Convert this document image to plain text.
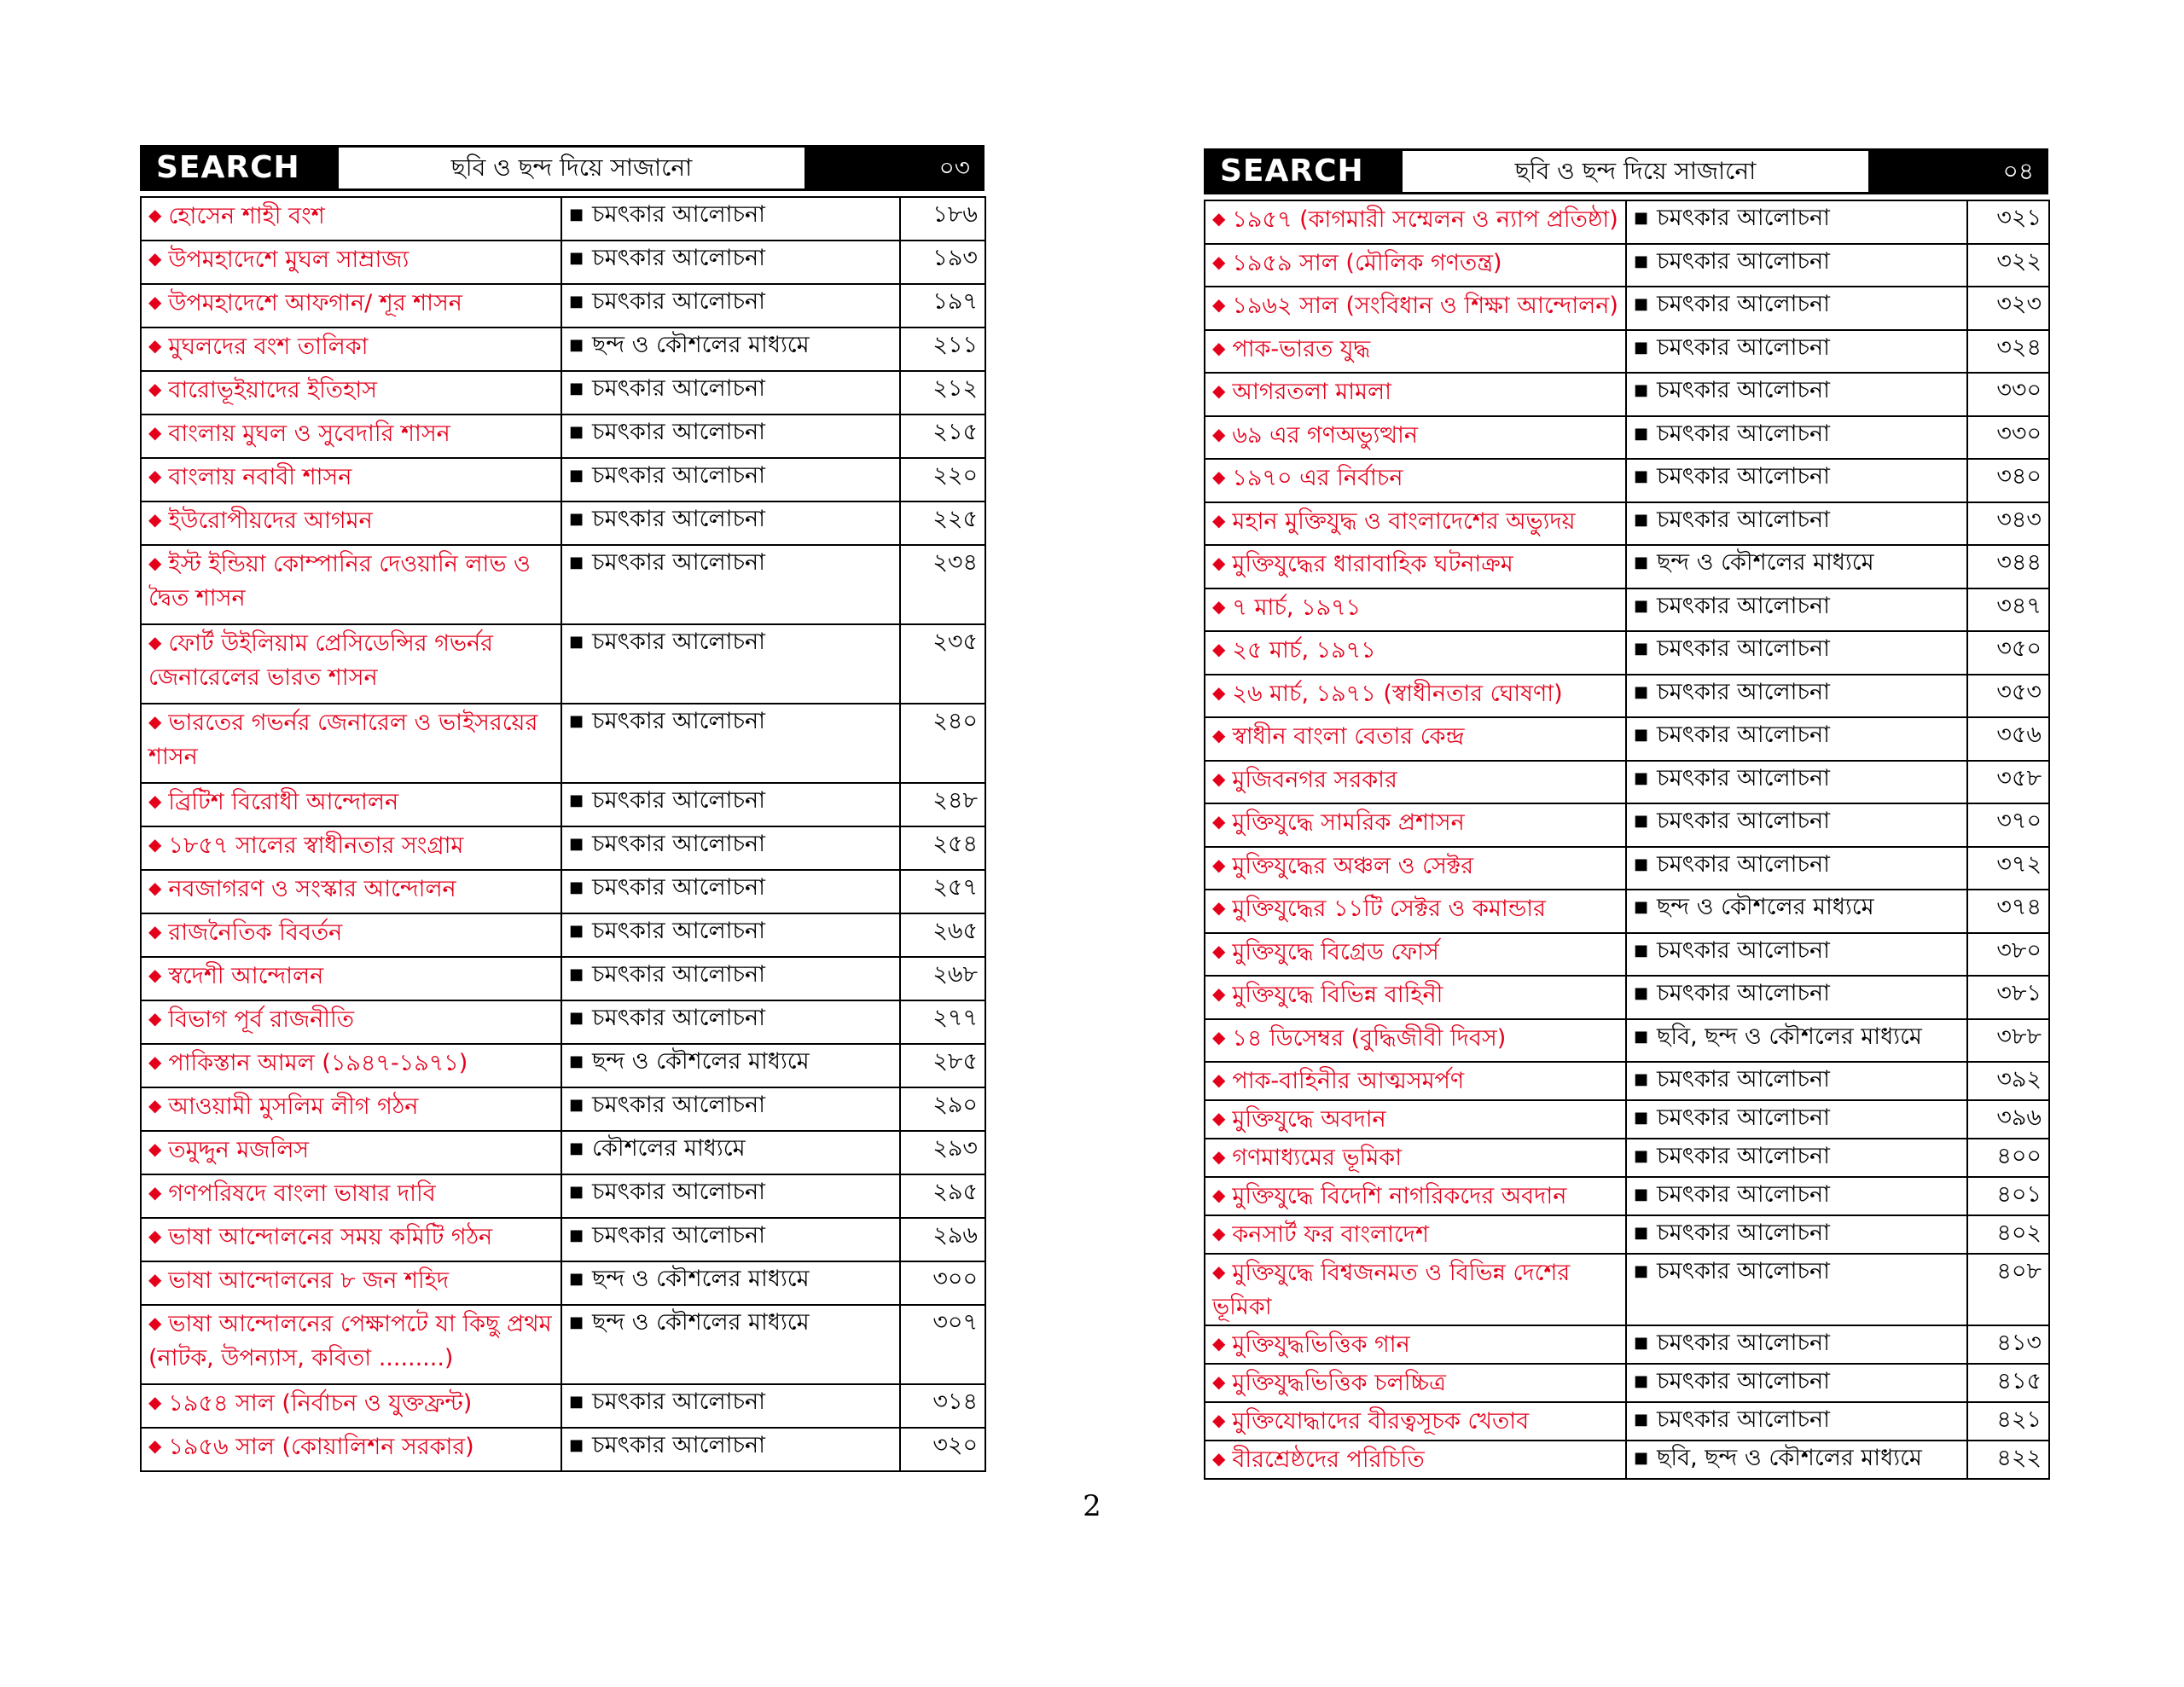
SEARCH	ছবি ও ছন্দ দিয়ে সাজানো	০৩
◆ হোসেন শাহী বংশ	■ চমৎকার আলোচনা	১৮৬
◆ উপমহাদেশে মুঘল সাম্রাজ্য	■ চমৎকার আলোচনা	১৯৩
◆ উপমহাদেশে আফগান/ শূর শাসন	■ চমৎকার আলোচনা	১৯৭
◆ মুঘলদের বংশ তালিকা	■ ছন্দ ও কৌশলের মাধ্যমে	২১১
◆ বারোভূইয়াদের ইতিহাস	■ চমৎকার আলোচনা	২১২
◆ বাংলায় মুঘল ও সুবেদারি শাসন	■ চমৎকার আলোচনা	২১৫
◆ বাংলায় নবাবী শাসন	■ চমৎকার আলোচনা	২২০
◆ ইউরোপীয়দের আগমন	■ চমৎকার আলোচনা	২২৫
◆ ইস্ট ইন্ডিয়া কোম্পানির দেওয়ানি লাভ ও দ্বৈত শাসন	■ চমৎকার আলোচনা	২৩৪
◆ ফোর্ট উইলিয়াম প্রেসিডেন্সির গভর্নর জেনারেলের ভারত শাসন	■ চমৎকার আলোচনা	২৩৫
◆ ভারতের গভর্নর জেনারেল ও ভাইসরয়ের শাসন	■ চমৎকার আলোচনা	২৪০
◆ ব্রিটিশ বিরোধী আন্দোলন	■ চমৎকার আলোচনা	২৪৮
◆ ১৮৫৭ সালের স্বাধীনতার সংগ্রাম	■ চমৎকার আলোচনা	২৫৪
◆ নবজাগরণ ও সংস্কার আন্দোলন	■ চমৎকার আলোচনা	২৫৭
◆ রাজনৈতিক বিবর্তন	■ চমৎকার আলোচনা	২৬৫
◆ স্বদেশী আন্দোলন	■ চমৎকার আলোচনা	২৬৮
◆ বিভাগ পূর্ব রাজনীতি	■ চমৎকার আলোচনা	২৭৭
◆ পাকিস্তান আমল (১৯৪৭-১৯৭১)	■ ছন্দ ও কৌশলের মাধ্যমে	২৮৫
◆ আওয়ামী মুসলিম লীগ গঠন	■ চমৎকার আলোচনা	২৯০
◆ তমুদ্দুন মজলিস	■ কৌশলের মাধ্যমে	২৯৩
◆ গণপরিষদে বাংলা ভাষার দাবি	■ চমৎকার আলোচনা	২৯৫
◆ ভাষা আন্দোলনের সময় কমিটি গঠন	■ চমৎকার আলোচনা	২৯৬
◆ ভাষা আন্দোলনের ৮ জন শহিদ	■ ছন্দ ও কৌশলের মাধ্যমে	৩০০
◆ ভাষা আন্দোলনের পেক্ষাপটে যা কিছু প্রথম (নাটক, উপন্যাস, কবিতা .........)	■ ছন্দ ও কৌশলের মাধ্যমে	৩০৭
◆ ১৯৫৪ সাল (নির্বাচন ও যুক্তফ্রন্ট)	■ চমৎকার আলোচনা	৩১৪
◆ ১৯৫৬ সাল (কোয়ালিশন সরকার)	■ চমৎকার আলোচনা	৩২০
SEARCH	ছবি ও ছন্দ দিয়ে সাজানো	০৪
◆ ১৯৫৭ (কাগমারী সম্মেলন ও ন্যাপ প্রতিষ্ঠা)	■ চমৎকার আলোচনা	৩২১
◆ ১৯৫৯ সাল (মৌলিক গণতন্ত্র)	■ চমৎকার আলোচনা	৩২২
◆ ১৯৬২ সাল (সংবিধান ও শিক্ষা আন্দোলন)	■ চমৎকার আলোচনা	৩২৩
◆ পাক-ভারত যুদ্ধ	■ চমৎকার আলোচনা	৩২৪
◆ আগরতলা মামলা	■ চমৎকার আলোচনা	৩৩০
◆ ৬৯ এর গণঅভ্যুত্থান	■ চমৎকার আলোচনা	৩৩০
◆ ১৯৭০ এর নির্বাচন	■ চমৎকার আলোচনা	৩৪০
◆ মহান মুক্তিযুদ্ধ ও বাংলাদেশের অভ্যুদয়	■ চমৎকার আলোচনা	৩৪৩
◆ মুক্তিযুদ্ধের ধারাবাহিক ঘটনাক্রম	■ ছন্দ ও কৌশলের মাধ্যমে	৩৪৪
◆ ৭ মার্চ, ১৯৭১	■ চমৎকার আলোচনা	৩৪৭
◆ ২৫ মার্চ, ১৯৭১	■ চমৎকার আলোচনা	৩৫০
◆ ২৬ মার্চ, ১৯৭১ (স্বাধীনতার ঘোষণা)	■ চমৎকার আলোচনা	৩৫৩
◆ স্বাধীন বাংলা বেতার কেন্দ্র	■ চমৎকার আলোচনা	৩৫৬
◆ মুজিবনগর সরকার	■ চমৎকার আলোচনা	৩৫৮
◆ মুক্তিযুদ্ধে সামরিক প্রশাসন	■ চমৎকার আলোচনা	৩৭০
◆ মুক্তিযুদ্ধের অঞ্চল ও সেক্টর	■ চমৎকার আলোচনা	৩৭২
◆ মুক্তিযুদ্ধের ১১টি সেক্টর ও কমান্ডার	■ ছন্দ ও কৌশলের মাধ্যমে	৩৭৪
◆ মুক্তিযুদ্ধে বিগ্রেড ফোর্স	■ চমৎকার আলোচনা	৩৮০
◆ মুক্তিযুদ্ধে বিভিন্ন বাহিনী	■ চমৎকার আলোচনা	৩৮১
◆ ১৪ ডিসেম্বর (বুদ্ধিজীবী দিবস)	■ ছবি, ছন্দ ও কৌশলের মাধ্যমে	৩৮৮
◆ পাক-বাহিনীর আত্মসমর্পণ	■ চমৎকার আলোচনা	৩৯২
◆ মুক্তিযুদ্ধে অবদান	■ চমৎকার আলোচনা	৩৯৬
◆ গণমাধ্যমের ভূমিকা	■ চমৎকার আলোচনা	৪০০
◆ মুক্তিযুদ্ধে বিদেশি নাগরিকদের অবদান	■ চমৎকার আলোচনা	৪০১
◆ কনসার্ট ফর বাংলাদেশ	■ চমৎকার আলোচনা	৪০২
◆ মুক্তিযুদ্ধে বিশ্বজনমত ও বিভিন্ন দেশের ভূমিকা	■ চমৎকার আলোচনা	৪০৮
◆ মুক্তিযুদ্ধভিত্তিক গান	■ চমৎকার আলোচনা	৪১৩
◆ মুক্তিযুদ্ধভিত্তিক চলচ্চিত্র	■ চমৎকার আলোচনা	৪১৫
◆ মুক্তিযোদ্ধাদের বীরত্বসূচক খেতাব	■ চমৎকার আলোচনা	৪২১
◆ বীরশ্রেষ্ঠদের পরিচিতি	■ ছবি, ছন্দ ও কৌশলের মাধ্যমে	৪২২
2
